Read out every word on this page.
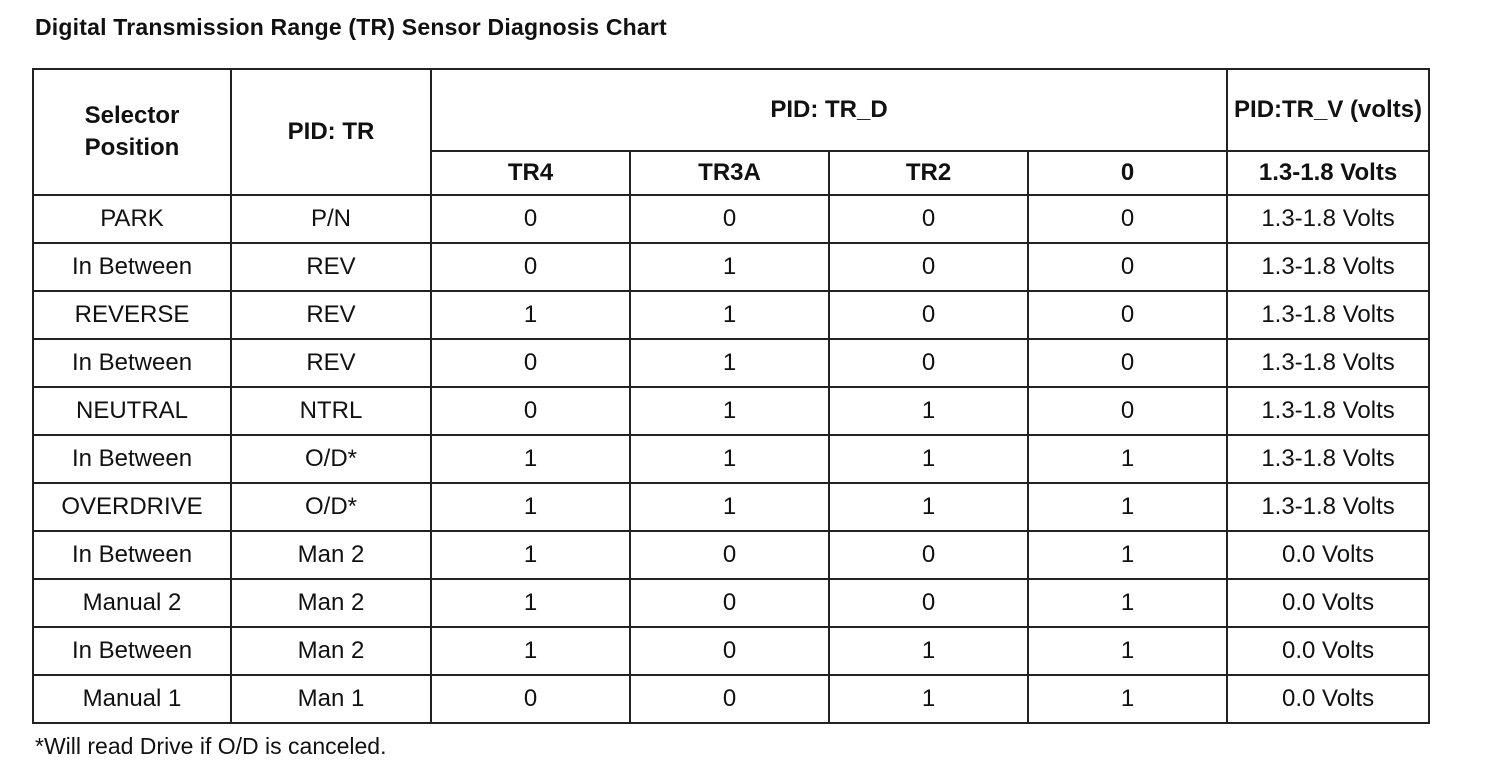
Digital Transmission Range (TR) Sensor Diagnosis Chart
Selector Position	PID: TR	PID: TR_D				PID:TR_V (volts)
		TR4	TR3A	TR2	0	1.3-1.8 Volts
PARK	P/N	0	0	0	0	1.3-1.8 Volts
In Between	REV	0	1	0	0	1.3-1.8 Volts
REVERSE	REV	1	1	0	0	1.3-1.8 Volts
In Between	REV	0	1	0	0	1.3-1.8 Volts
NEUTRAL	NTRL	0	1	1	0	1.3-1.8 Volts
In Between	O/D*	1	1	1	1	1.3-1.8 Volts
OVERDRIVE	O/D*	1	1	1	1	1.3-1.8 Volts
In Between	Man 2	1	0	0	1	0.0 Volts
Manual 2	Man 2	1	0	0	1	0.0 Volts
In Between	Man 2	1	0	1	1	0.0 Volts
Manual 1	Man 1	0	0	1	1	0.0 Volts
*Will read Drive if O/D is canceled.
